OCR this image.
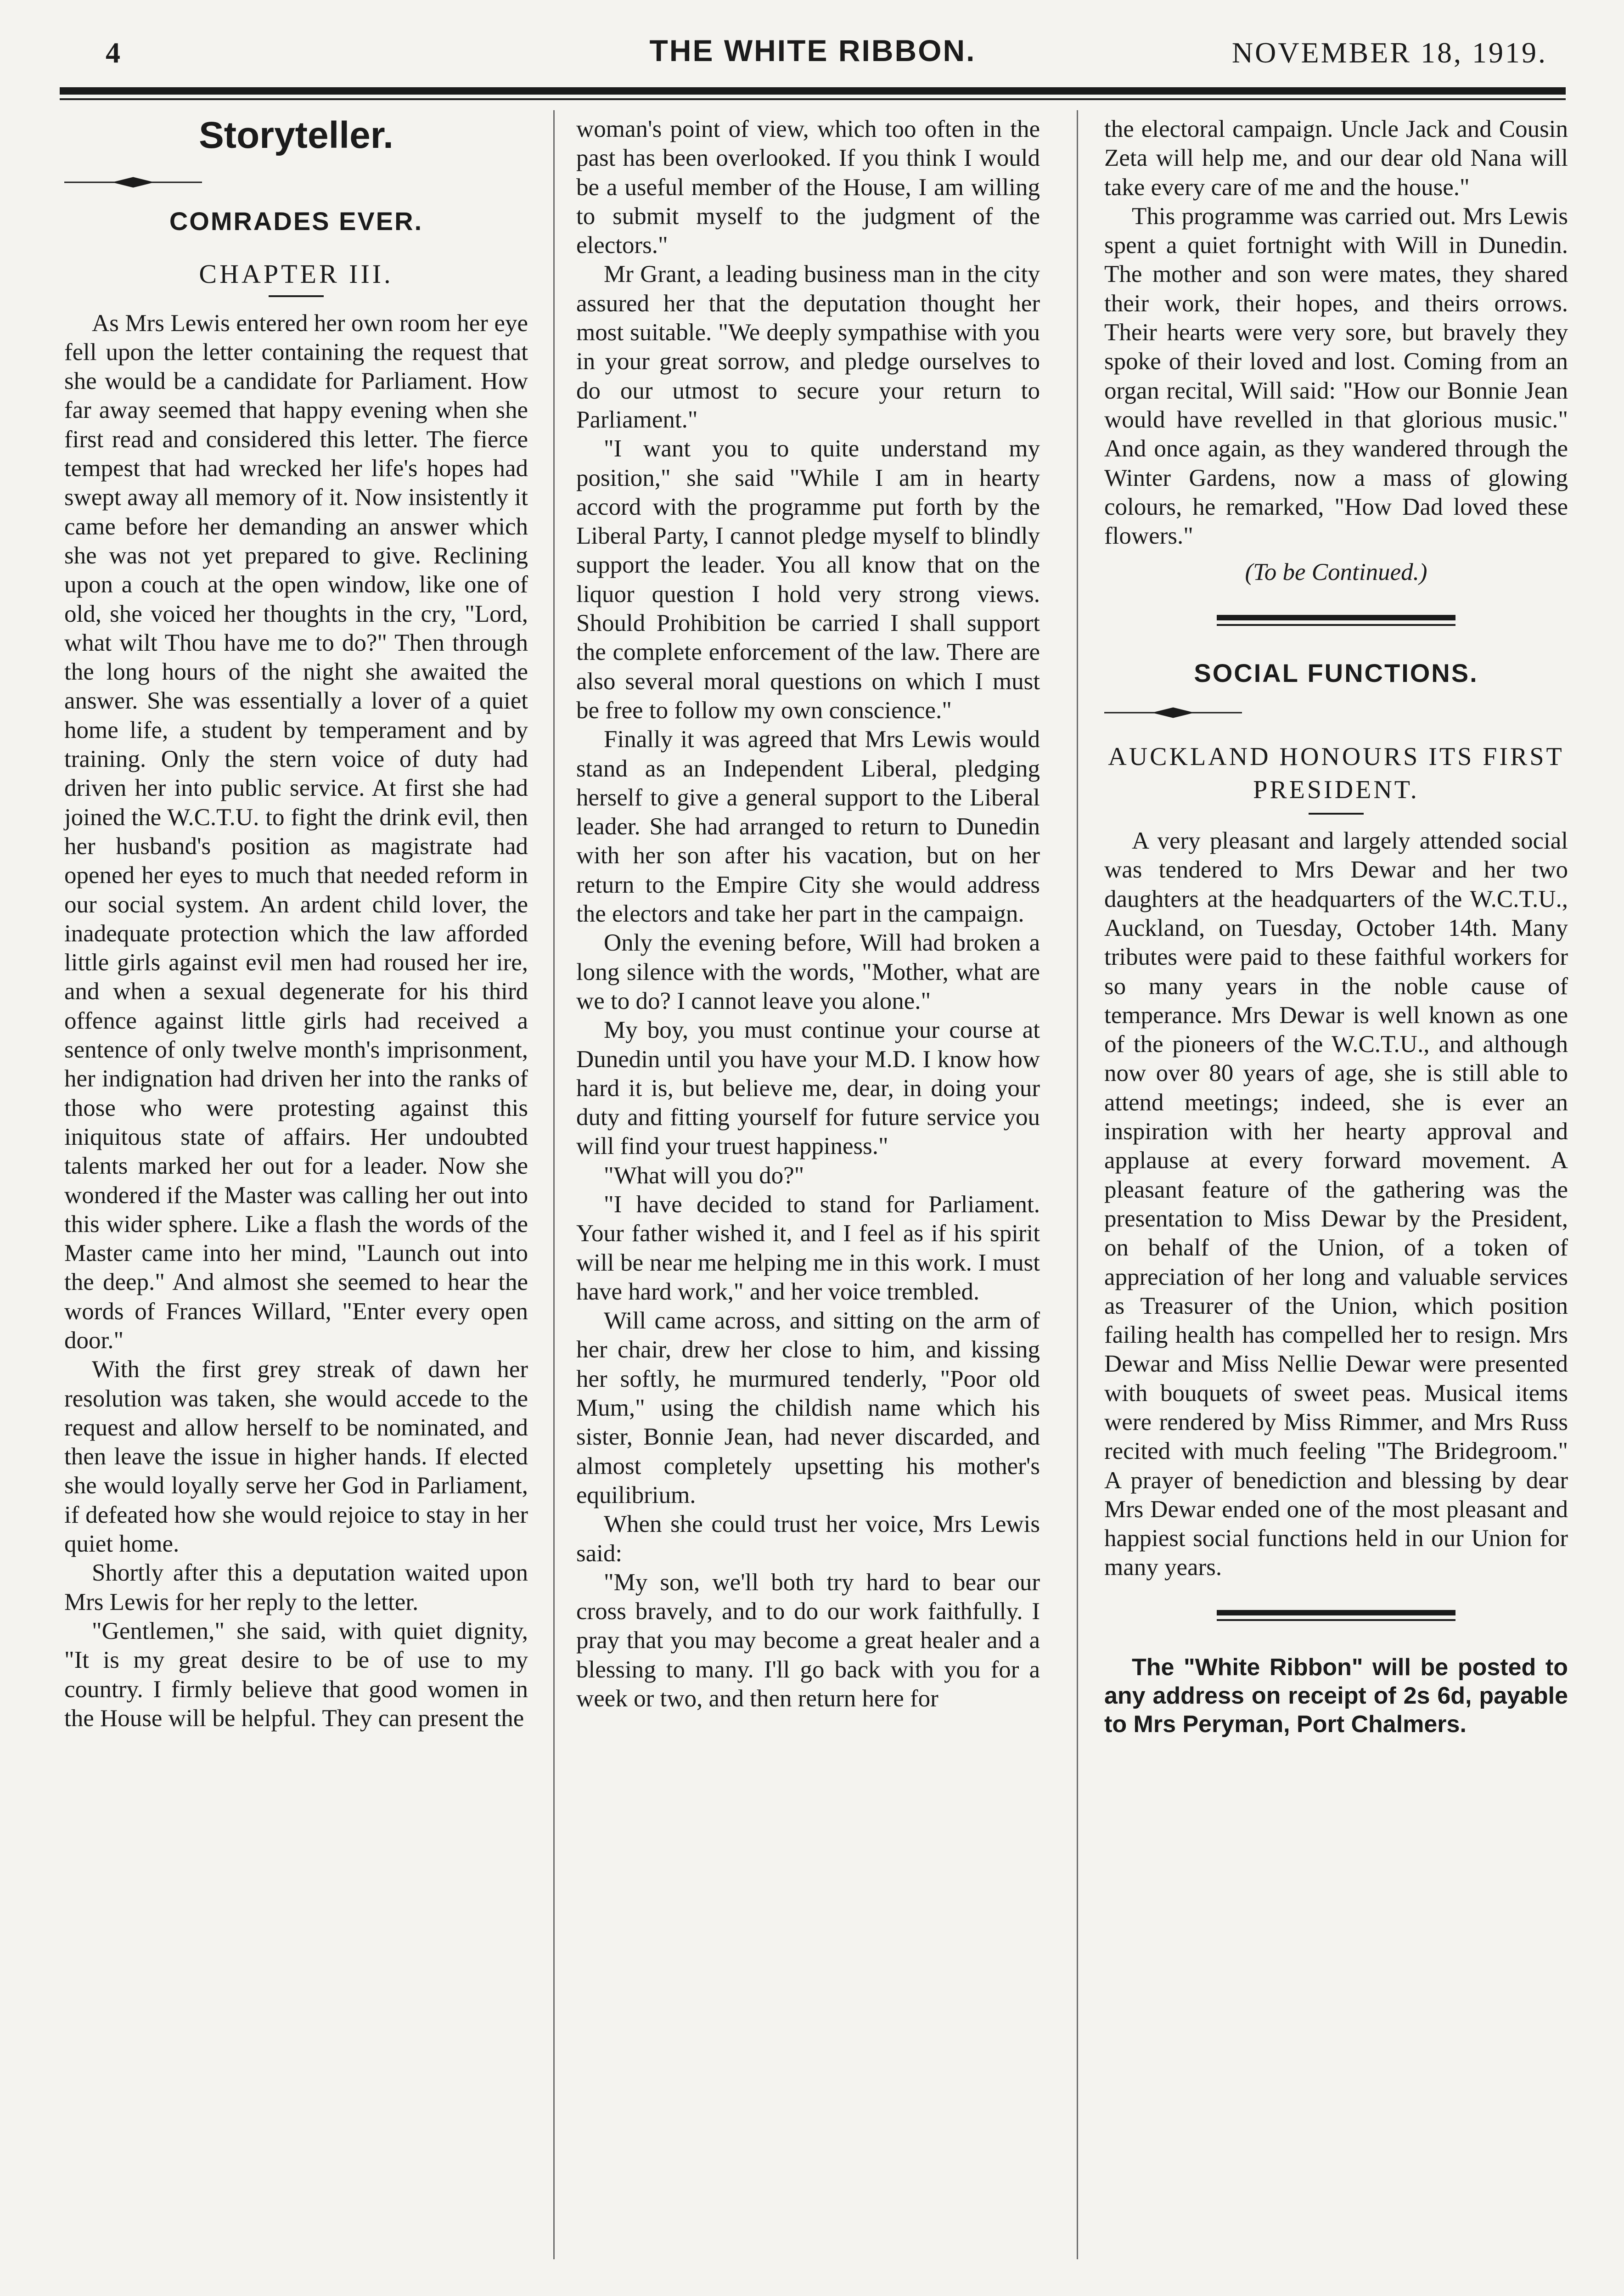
4	THE WHITE RIBBON.	NOVEMBER 18, 1919.
Storyteller.
COMRADES EVER.
CHAPTER III.

As Mrs Lewis entered her own room her eye fell upon the letter containing the request that she would be a candidate for Parliament. How far away seemed that happy evening when she first read and considered this letter. The fierce tempest that had wrecked her life's hopes had swept away all memory of it. Now insistently it came before her demanding an answer which she was not yet prepared to give. Reclining upon a couch at the open window, like one of old, she voiced her thoughts in the cry, "Lord, what wilt Thou have me to do?" Then through the long hours of the night she awaited the answer. She was essentially a lover of a quiet home life, a student by temperament and by training. Only the stern voice of duty had driven her into public service. At first she had joined the W.C.T.U. to fight the drink evil, then her husband's position as magistrate had opened her eyes to much that needed reform in our social system. An ardent child lover, the inadequate protection which the law afforded little girls against evil men had roused her ire, and when a sexual degenerate for his third offence against little girls had received a sentence of only twelve month's imprisonment, her indignation had driven her into the ranks of those who were protesting against this iniquitous state of affairs. Her undoubted talents marked her out for a leader. Now she wondered if the Master was calling her out into this wider sphere. Like a flash the words of the Master came into her mind, "Launch out into the deep." And almost she seemed to hear the words of Frances Willard, "Enter every open door."

With the first grey streak of dawn her resolution was taken, she would accede to the request and allow herself to be nominated, and then leave the issue in higher hands. If elected she would loyally serve her God in Parliament, if defeated how she would rejoice to stay in her quiet home.

Shortly after this a deputation waited upon Mrs Lewis for her reply to the letter.

"Gentlemen," she said, with quiet dignity, "It is my great desire to be of use to my country. I firmly believe that good women in the House will be helpful. They can present the

woman's point of view, which too often in the past has been overlooked. If you think I would be a useful member of the House, I am willing to submit myself to the judgment of the electors."

Mr Grant, a leading business man in the city assured her that the deputation thought her most suitable. "We deeply sympathise with you in your great sorrow, and pledge ourselves to do our utmost to secure your return to Parliament."

"I want you to quite understand my position," she said "While I am in hearty accord with the programme put forth by the Liberal Party, I cannot pledge myself to blindly support the leader. You all know that on the liquor question I hold very strong views. Should Prohibition be carried I shall support the complete enforcement of the law. There are also several moral questions on which I must be free to follow my own conscience."

Finally it was agreed that Mrs Lewis would stand as an Independent Liberal, pledging herself to give a general support to the Liberal leader. She had arranged to return to Dunedin with her son after his vacation, but on her return to the Empire City she would address the electors and take her part in the campaign.

Only the evening before, Will had broken a long silence with the words, "Mother, what are we to do? I cannot leave you alone."

My boy, you must continue your course at Dunedin until you have your M.D. I know how hard it is, but believe me, dear, in doing your duty and fitting yourself for future service you will find your truest happiness."

"What will you do?"

"I have decided to stand for Parliament. Your father wished it, and I feel as if his spirit will be near me helping me in this work. I must have hard work," and her voice trembled.

Will came across, and sitting on the arm of her chair, drew her close to him, and kissing her softly, he murmured tenderly, "Poor old Mum," using the childish name which his sister, Bonnie Jean, had never discarded, and almost completely upsetting his mother's equilibrium.

When she could trust her voice, Mrs Lewis said:

"My son, we'll both try hard to bear our cross bravely, and to do our work faithfully. I pray that you may become a great healer and a blessing to many. I'll go back with you for a week or two, and then return here for

the electoral campaign. Uncle Jack and Cousin Zeta will help me, and our dear old Nana will take every care of me and the house."

This programme was carried out. Mrs Lewis spent a quiet fortnight with Will in Dunedin. The mother and son were mates, they shared their work, their hopes, and theirs orrows. Their hearts were very sore, but bravely they spoke of their loved and lost. Coming from an organ recital, Will said: "How our Bonnie Jean would have revelled in that glorious music." And once again, as they wandered through the Winter Gardens, now a mass of glowing colours, he remarked, "How Dad loved these flowers."

(To be Continued.)
SOCIAL FUNCTIONS.
AUCKLAND HONOURS ITS FIRST PRESIDENT.

A very pleasant and largely attended social was tendered to Mrs Dewar and her two daughters at the headquarters of the W.C.T.U., Auckland, on Tuesday, October 14th. Many tributes were paid to these faithful workers for so many years in the noble cause of temperance. Mrs Dewar is well known as one of the pioneers of the W.C.T.U., and although now over 80 years of age, she is still able to attend meetings; indeed, she is ever an inspiration with her hearty approval and applause at every forward movement. A pleasant feature of the gathering was the presentation to Miss Dewar by the President, on behalf of the Union, of a token of appreciation of her long and valuable services as Treasurer of the Union, which position failing health has compelled her to resign. Mrs Dewar and Miss Nellie Dewar were presented with bouquets of sweet peas. Musical items were rendered by Miss Rimmer, and Mrs Russ recited with much feeling "The Bridegroom." A prayer of benediction and blessing by dear Mrs Dewar ended one of the most pleasant and happiest social functions held in our Union for many years.

The "White Ribbon" will be posted to any address on receipt of 2s 6d, payable to Mrs Peryman, Port Chalmers.
